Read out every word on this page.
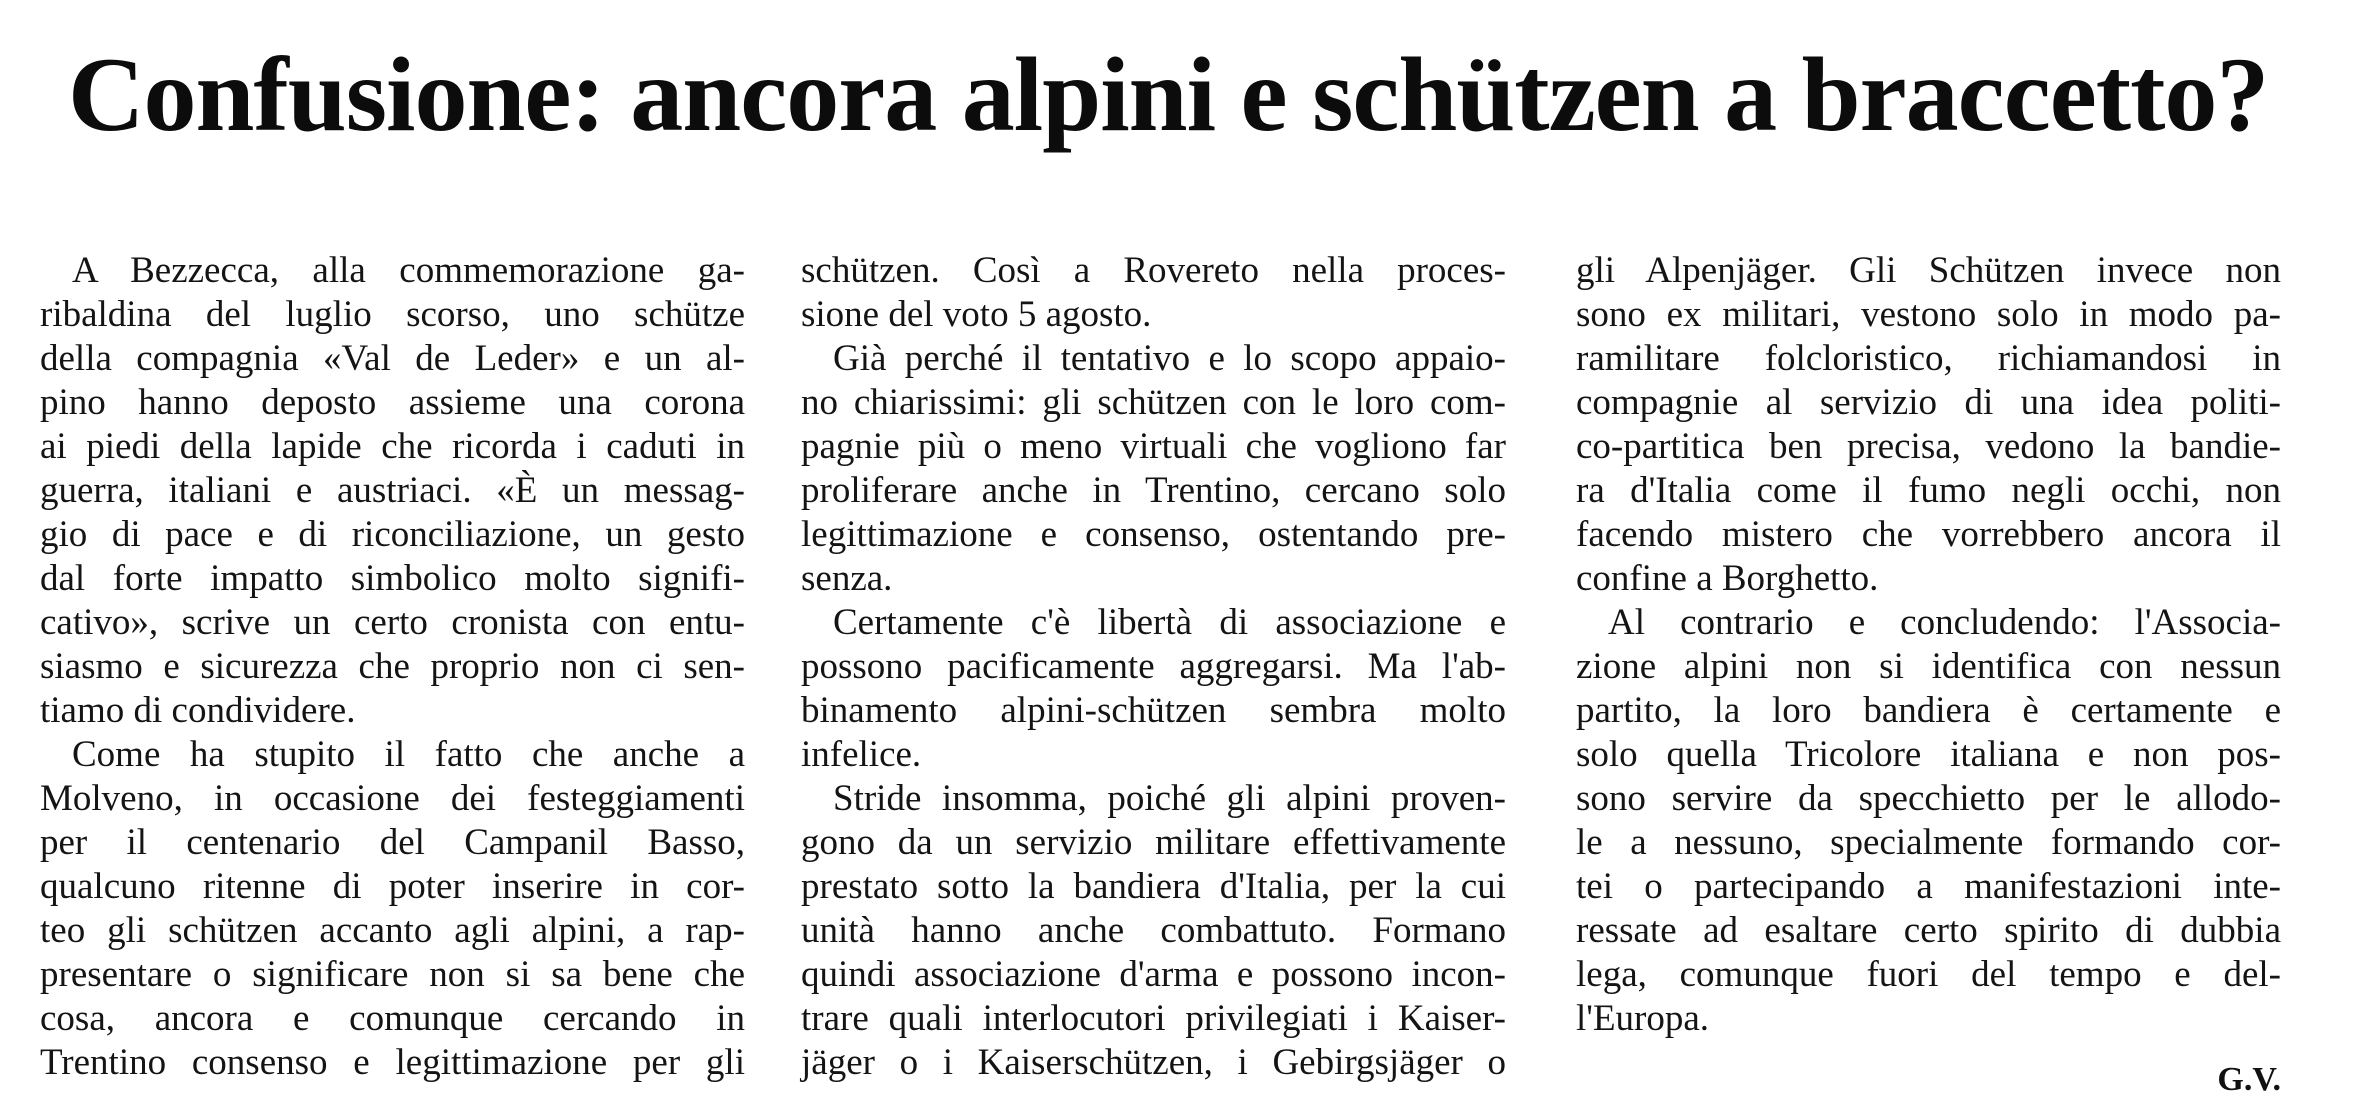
Confusione: ancora alpini e schützen a braccetto?
A Bezzecca, alla commemorazione ga-
ribaldina del luglio scorso, uno schütze
della compagnia «Val de Leder» e un al-
pino hanno deposto assieme una corona
ai piedi della lapide che ricorda i caduti in
guerra, italiani e austriaci. «È un messag-
gio di pace e di riconciliazione, un gesto
dal forte impatto simbolico molto signifi-
cativo», scrive un certo cronista con entu-
siasmo e sicurezza che proprio non ci sen-
tiamo di condividere.
Come ha stupito il fatto che anche a
Molveno, in occasione dei festeggiamenti
per il centenario del Campanil Basso,
qualcuno ritenne di poter inserire in cor-
teo gli schützen accanto agli alpini, a rap-
presentare o significare non si sa bene che
cosa, ancora e comunque cercando in
Trentino consenso e legittimazione per gli
schützen. Così a Rovereto nella proces-
sione del voto 5 agosto.
Già perché il tentativo e lo scopo appaio-
no chiarissimi: gli schützen con le loro com-
pagnie più o meno virtuali che vogliono far
proliferare anche in Trentino, cercano solo
legittimazione e consenso, ostentando pre-
senza.
Certamente c'è libertà di associazione e
possono pacificamente aggregarsi. Ma l'ab-
binamento alpini-schützen sembra molto
infelice.
Stride insomma, poiché gli alpini proven-
gono da un servizio militare effettivamente
prestato sotto la bandiera d'Italia, per la cui
unità hanno anche combattuto. Formano
quindi associazione d'arma e possono incon-
trare quali interlocutori privilegiati i Kaiser-
jäger o i Kaiserschützen, i Gebirgsjäger o
gli Alpenjäger. Gli Schützen invece non
sono ex militari, vestono solo in modo pa-
ramilitare folcloristico, richiamandosi in
compagnie al servizio di una idea politi-
co-partitica ben precisa, vedono la bandie-
ra d'Italia come il fumo negli occhi, non
facendo mistero che vorrebbero ancora il
confine a Borghetto.
Al contrario e concludendo: l'Associa-
zione alpini non si identifica con nessun
partito, la loro bandiera è certamente e
solo quella Tricolore italiana e non pos-
sono servire da specchietto per le allodo-
le a nessuno, specialmente formando cor-
tei o partecipando a manifestazioni inte-
ressate ad esaltare certo spirito di dubbia
lega, comunque fuori del tempo e del-
l'Europa.
G.V.
